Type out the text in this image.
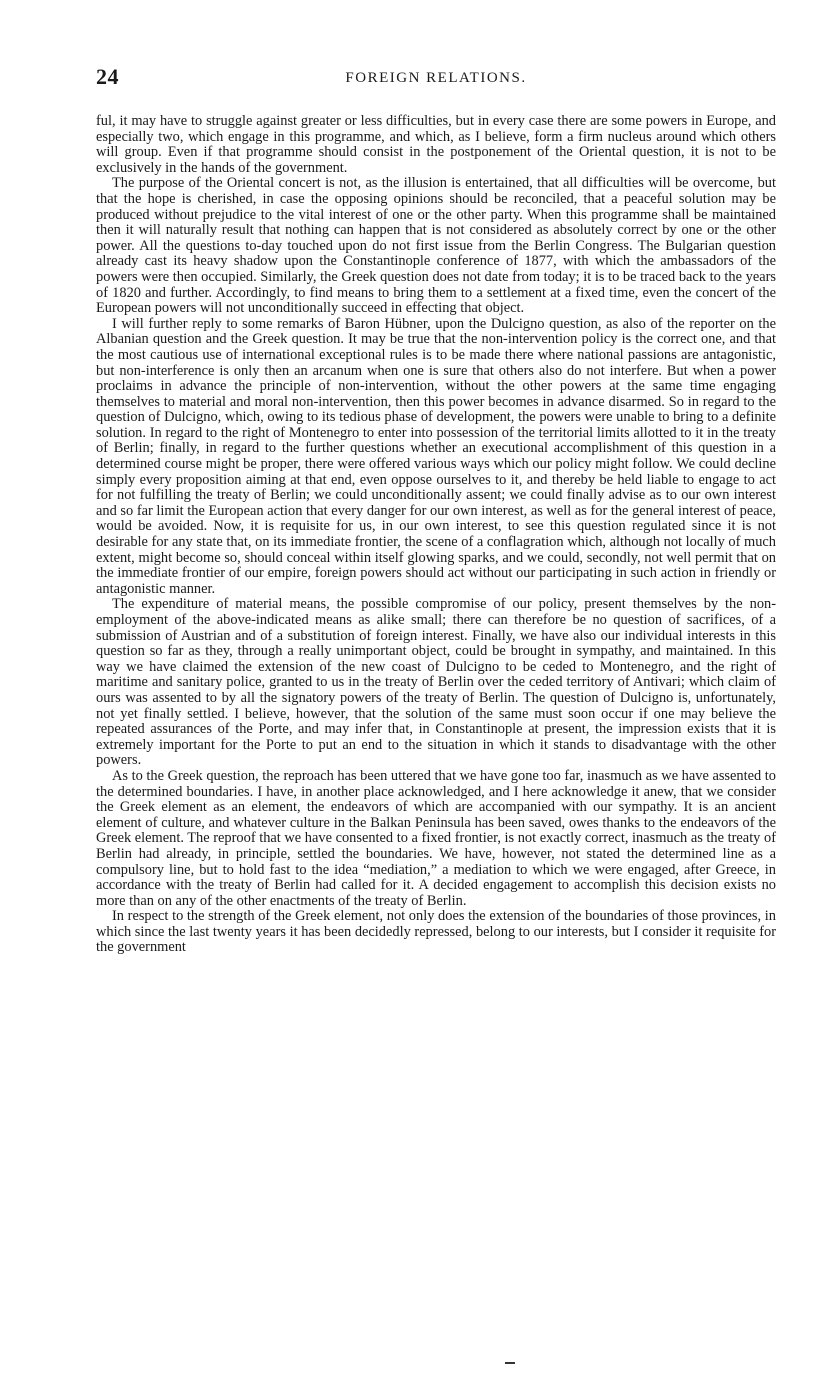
24	FOREIGN RELATIONS.

ful, it may have to struggle against greater or less difficulties, but in every case there are some powers in Europe, and especially two, which engage in this programme, and which, as I believe, form a firm nucleus around which others will group. Even if that programme should consist in the postponement of the Oriental question, it is not to be exclusively in the hands of the government.

The purpose of the Oriental concert is not, as the illusion is entertained, that all difficulties will be overcome, but that the hope is cherished, in case the opposing opinions should be reconciled, that a peaceful solution may be produced without prejudice to the vital interest of one or the other party. When this programme shall be maintained then it will naturally result that nothing can happen that is not considered as absolutely correct by one or the other power. All the questions to-day touched upon do not first issue from the Berlin Congress. The Bulgarian question already cast its heavy shadow upon the Constantinople conference of 1877, with which the ambassadors of the powers were then occupied. Similarly, the Greek question does not date from today; it is to be traced back to the years of 1820 and further. Accordingly, to find means to bring them to a settlement at a fixed time, even the concert of the European powers will not unconditionally succeed in effecting that object.

I will further reply to some remarks of Baron Hübner, upon the Dulcigno question, as also of the reporter on the Albanian question and the Greek question. It may be true that the non-intervention policy is the correct one, and that the most cautious use of international exceptional rules is to be made there where national passions are antagonistic, but non-interference is only then an arcanum when one is sure that others also do not interfere. But when a power proclaims in advance the principle of non-intervention, without the other powers at the same time engaging themselves to material and moral non-intervention, then this power becomes in advance disarmed. So in regard to the question of Dulcigno, which, owing to its tedious phase of development, the powers were unable to bring to a definite solution. In regard to the right of Montenegro to enter into possession of the territorial limits allotted to it in the treaty of Berlin; finally, in regard to the further questions whether an executional accomplishment of this question in a determined course might be proper, there were offered various ways which our policy might follow. We could decline simply every proposition aiming at that end, even oppose ourselves to it, and thereby be held liable to engage to act for not fulfilling the treaty of Berlin; we could unconditionally assent; we could finally advise as to our own interest and so far limit the European action that every danger for our own interest, as well as for the general interest of peace, would be avoided. Now, it is requisite for us, in our own interest, to see this question regulated since it is not desirable for any state that, on its immediate frontier, the scene of a conflagration which, although not locally of much extent, might become so, should conceal within itself glowing sparks, and we could, secondly, not well permit that on the immediate frontier of our empire, foreign powers should act without our participating in such action in friendly or antagonistic manner.

The expenditure of material means, the possible compromise of our policy, present themselves by the non-employment of the above-indicated means as alike small; there can therefore be no question of sacrifices, of a submission of Austrian and of a substitution of foreign interest. Finally, we have also our individual interests in this question so far as they, through a really unimportant object, could be brought in sympathy, and maintained. In this way we have claimed the extension of the new coast of Dulcigno to be ceded to Montenegro, and the right of maritime and sanitary police, granted to us in the treaty of Berlin over the ceded territory of Antivari; which claim of ours was assented to by all the signatory powers of the treaty of Berlin. The question of Dulcigno is, unfortunately, not yet finally settled. I believe, however, that the solution of the same must soon occur if one may believe the repeated assurances of the Porte, and may infer that, in Constantinople at present, the impression exists that it is extremely important for the Porte to put an end to the situation in which it stands to disadvantage with the other powers.

As to the Greek question, the reproach has been uttered that we have gone too far, inasmuch as we have assented to the determined boundaries. I have, in another place acknowledged, and I here acknowledge it anew, that we consider the Greek element as an element, the endeavors of which are accompanied with our sympathy. It is an ancient element of culture, and whatever culture in the Balkan Peninsula has been saved, owes thanks to the endeavors of the Greek element. The reproof that we have consented to a fixed frontier, is not exactly correct, inasmuch as the treaty of Berlin had already, in principle, settled the boundaries. We have, however, not stated the determined line as a compulsory line, but to hold fast to the idea “mediation,” a mediation to which we were engaged, after Greece, in accordance with the treaty of Berlin had called for it. A decided engagement to accomplish this decision exists no more than on any of the other enactments of the treaty of Berlin.

In respect to the strength of the Greek element, not only does the extension of the boundaries of those provinces, in which since the last twenty years it has been decidedly repressed, belong to our interests, but I consider it requisite for the government
